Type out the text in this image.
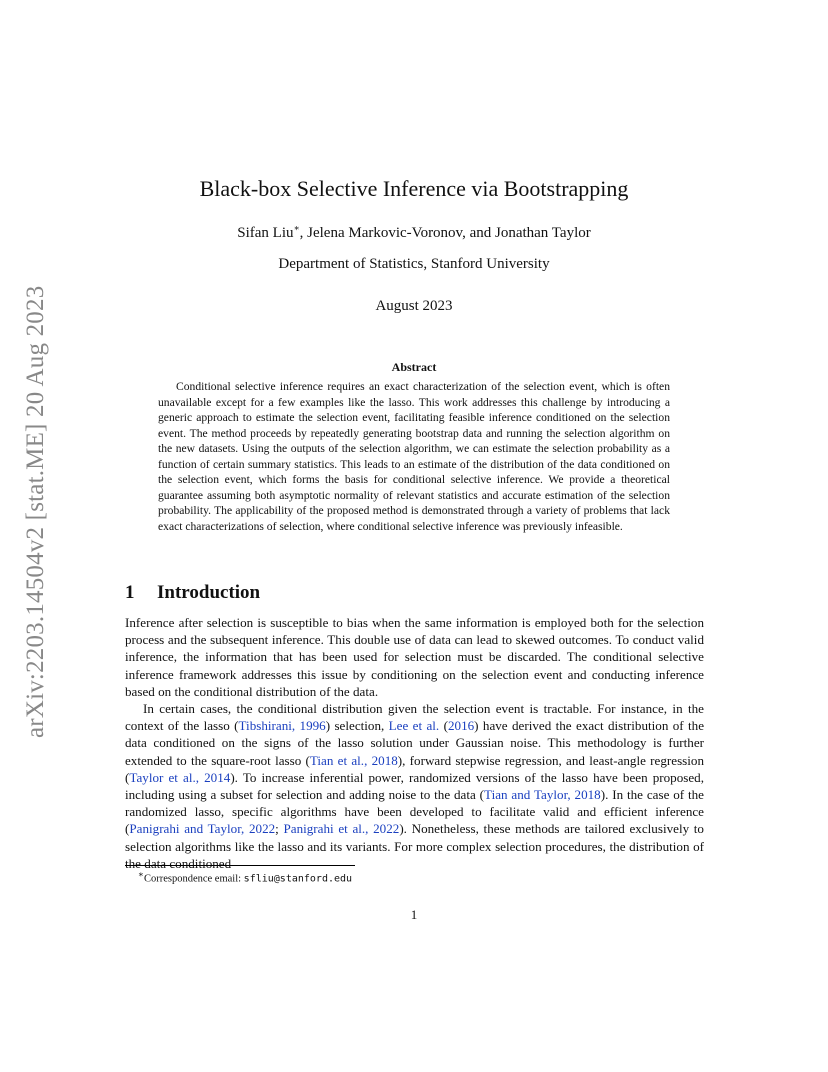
arXiv:2203.14504v2 [stat.ME] 20 Aug 2023
Black-box Selective Inference via Bootstrapping
Sifan Liu∗, Jelena Markovic-Voronov, and Jonathan Taylor
Department of Statistics, Stanford University
August 2023
Abstract

Conditional selective inference requires an exact characterization of the selection event, which is often unavailable except for a few examples like the lasso. This work addresses this challenge by introducing a generic approach to estimate the selection event, facilitating feasible inference conditioned on the selection event. The method proceeds by repeatedly generating bootstrap data and running the selection algorithm on the new datasets. Using the outputs of the selection algorithm, we can estimate the selection probability as a function of certain summary statistics. This leads to an estimate of the distribution of the data conditioned on the selection event, which forms the basis for conditional selective inference. We provide a theoretical guarantee assuming both asymptotic normality of relevant statistics and accurate estimation of the selection probability. The applicability of the proposed method is demonstrated through a variety of problems that lack exact characterizations of selection, where conditional selective inference was previously infeasible.

1 Introduction

Inference after selection is susceptible to bias when the same information is employed both for the selection process and the subsequent inference. This double use of data can lead to skewed outcomes. To conduct valid inference, the information that has been used for selection must be discarded. The conditional selective inference framework addresses this issue by conditioning on the selection event and conducting inference based on the conditional distribution of the data.

In certain cases, the conditional distribution given the selection event is tractable. For instance, in the context of the lasso (Tibshirani, 1996) selection, Lee et al. (2016) have derived the exact distribution of the data conditioned on the signs of the lasso solution under Gaussian noise. This methodology is further extended to the square-root lasso (Tian et al., 2018), forward stepwise regression, and least-angle regression (Taylor et al., 2014). To increase inferential power, randomized versions of the lasso have been proposed, including using a subset for selection and adding noise to the data (Tian and Taylor, 2018). In the case of the randomized lasso, specific algorithms have been developed to facilitate valid and efficient inference (Panigrahi and Taylor, 2022; Panigrahi et al., 2022). Nonetheless, these methods are tailored exclusively to selection algorithms like the lasso and its variants. For more complex selection procedures, the distribution of the data conditioned

∗Correspondence email: sfliu@stanford.edu
1
